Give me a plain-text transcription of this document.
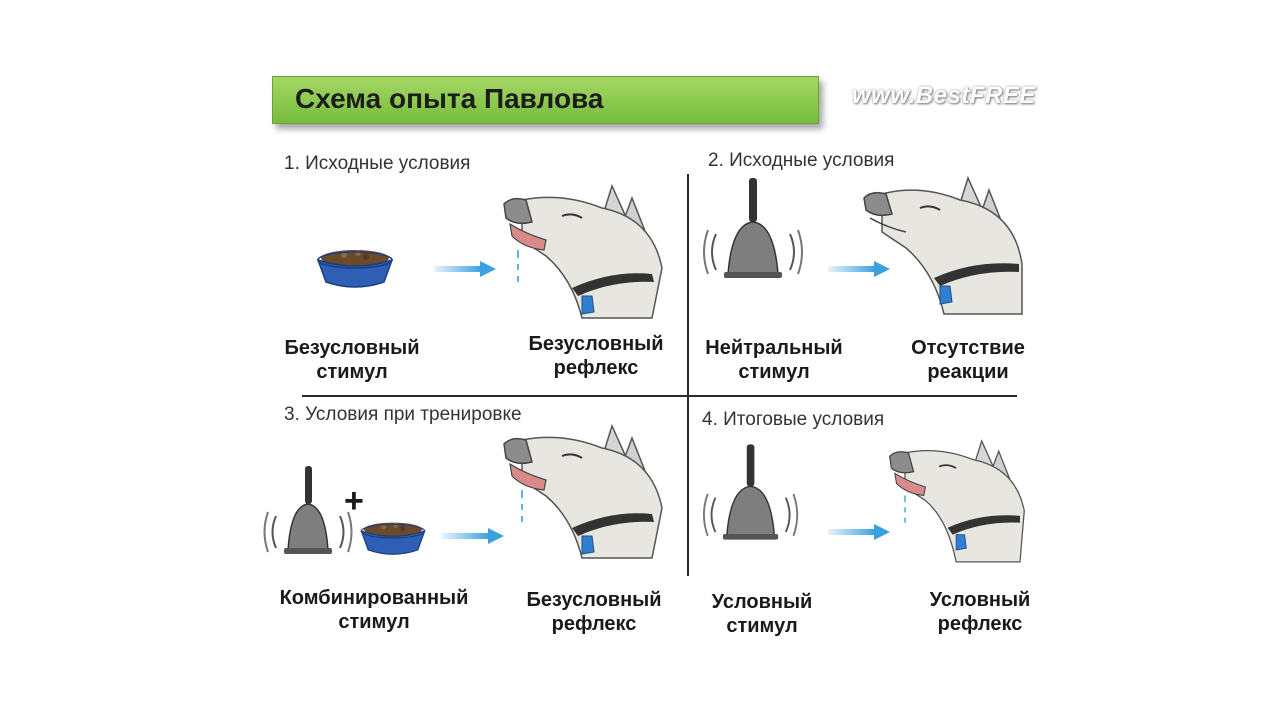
Схема опыта Павлова	www.BestFREE
1. Исходные условия
Безусловный
стимул
Безусловный
рефлекс
2. Исходные условия
Нейтральный
стимул
Отсутствие
реакции
3. Условия при тренировке
+
Комбинированный
стимул
Безусловный
рефлекс
4. Итоговые условия
Условный
стимул
Условный
рефлекс
